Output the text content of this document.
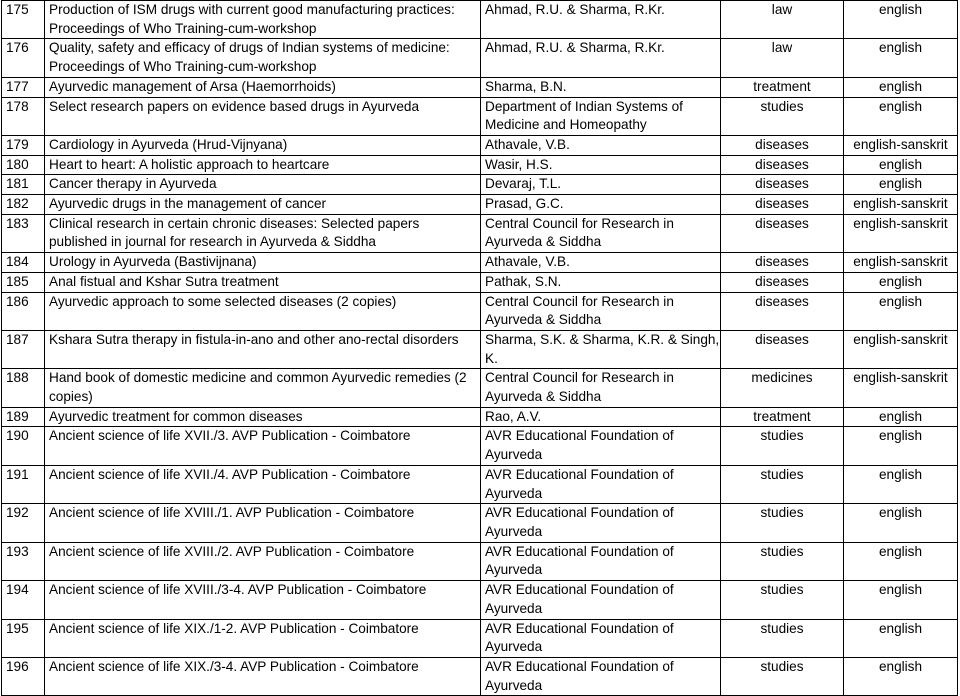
175	Production of ISM drugs with current good manufacturing practices: Proceedings of Who Training-cum-workshop	Ahmad, R.U. & Sharma, R.Kr.	law	english
176	Quality, safety and efficacy of drugs of Indian systems of medicine: Proceedings of Who Training-cum-workshop	Ahmad, R.U. & Sharma, R.Kr.	law	english
177	Ayurvedic management of Arsa (Haemorrhoids)	Sharma, B.N.	treatment	english
178	Select research papers on evidence based drugs in Ayurveda	Department of Indian Systems of Medicine and Homeopathy	studies	english
179	Cardiology in Ayurveda (Hrud-Vijnyana)	Athavale, V.B.	diseases	english-sanskrit
180	Heart to heart: A holistic approach to heartcare	Wasir, H.S.	diseases	english
181	Cancer therapy in Ayurveda	Devaraj, T.L.	diseases	english
182	Ayurvedic drugs in the management of cancer	Prasad, G.C.	diseases	english-sanskrit
183	Clinical research in certain chronic diseases: Selected papers published in journal for research in Ayurveda & Siddha	Central Council for Research in Ayurveda & Siddha	diseases	english-sanskrit
184	Urology in Ayurveda (Bastivijnana)	Athavale, V.B.	diseases	english-sanskrit
185	Anal fistual and Kshar Sutra treatment	Pathak, S.N.	diseases	english
186	Ayurvedic approach to some selected diseases (2 copies)	Central Council for Research in Ayurveda & Siddha	diseases	english
187	Kshara Sutra therapy in fistula-in-ano and other ano-rectal disorders	Sharma, S.K. & Sharma, K.R. & Singh, K.	diseases	english-sanskrit
188	Hand book of domestic medicine and common Ayurvedic remedies (2 copies)	Central Council for Research in Ayurveda & Siddha	medicines	english-sanskrit
189	Ayurvedic treatment for common diseases	Rao, A.V.	treatment	english
190	Ancient science of life XVII./3. AVP Publication - Coimbatore	AVR Educational Foundation of Ayurveda	studies	english
191	Ancient science of life XVII./4. AVP Publication - Coimbatore	AVR Educational Foundation of Ayurveda	studies	english
192	Ancient science of life XVIII./1. AVP Publication - Coimbatore	AVR Educational Foundation of Ayurveda	studies	english
193	Ancient science of life XVIII./2. AVP Publication - Coimbatore	AVR Educational Foundation of Ayurveda	studies	english
194	Ancient science of life XVIII./3-4. AVP Publication - Coimbatore	AVR Educational Foundation of Ayurveda	studies	english
195	Ancient science of life XIX./1-2. AVP Publication - Coimbatore	AVR Educational Foundation of Ayurveda	studies	english
196	Ancient science of life XIX./3-4. AVP Publication - Coimbatore	AVR Educational Foundation of Ayurveda	studies	english
